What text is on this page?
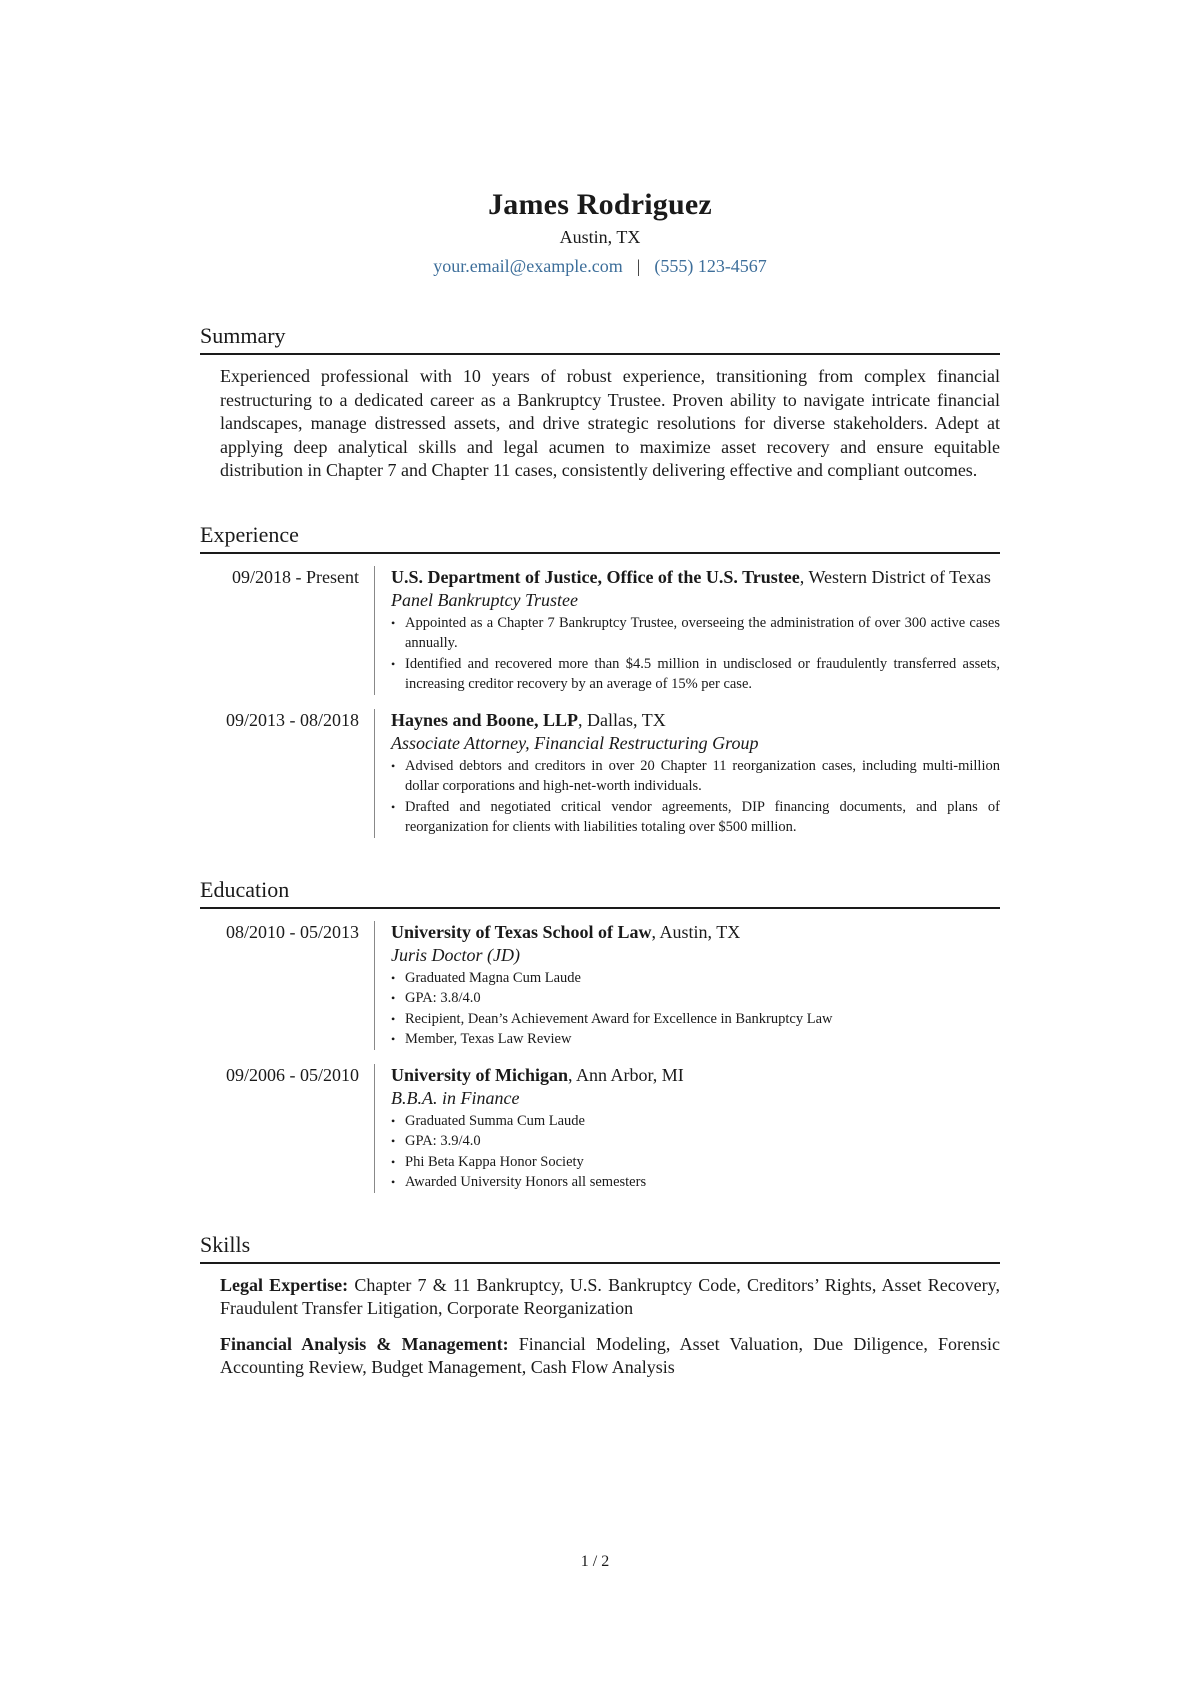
James Rodriguez
Austin, TX
your.email@example.com | (555) 123-4567
Summary
Experienced professional with 10 years of robust experience, transitioning from complex financial restructuring to a dedicated career as a Bankruptcy Trustee. Proven ability to navigate intricate financial landscapes, manage distressed assets, and drive strategic resolutions for diverse stakeholders. Adept at applying deep analytical skills and legal acumen to maximize asset recovery and ensure equitable distribution in Chapter 7 and Chapter 11 cases, consistently delivering effective and compliant outcomes.
Experience
09/2018 - Present	U.S. Department of Justice, Office of the U.S. Trustee, Western District of Texas
Panel Bankruptcy Trustee
• Appointed as a Chapter 7 Bankruptcy Trustee, overseeing the administration of over 300 active cases annually.
• Identified and recovered more than $4.5 million in undisclosed or fraudulently transferred assets, increasing creditor recovery by an average of 15% per case.
09/2013 - 08/2018	Haynes and Boone, LLP, Dallas, TX
Associate Attorney, Financial Restructuring Group
• Advised debtors and creditors in over 20 Chapter 11 reorganization cases, including multi-million dollar corporations and high-net-worth individuals.
• Drafted and negotiated critical vendor agreements, DIP financing documents, and plans of reorganization for clients with liabilities totaling over $500 million.
Education
08/2010 - 05/2013	University of Texas School of Law, Austin, TX
Juris Doctor (JD)
• Graduated Magna Cum Laude
• GPA: 3.8/4.0
• Recipient, Dean’s Achievement Award for Excellence in Bankruptcy Law
• Member, Texas Law Review
09/2006 - 05/2010	University of Michigan, Ann Arbor, MI
B.B.A. in Finance
• Graduated Summa Cum Laude
• GPA: 3.9/4.0
• Phi Beta Kappa Honor Society
• Awarded University Honors all semesters
Skills
Legal Expertise: Chapter 7 & 11 Bankruptcy, U.S. Bankruptcy Code, Creditors’ Rights, Asset Recovery, Fraudulent Transfer Litigation, Corporate Reorganization
Financial Analysis & Management: Financial Modeling, Asset Valuation, Due Diligence, Forensic Accounting Review, Budget Management, Cash Flow Analysis
1 / 2
